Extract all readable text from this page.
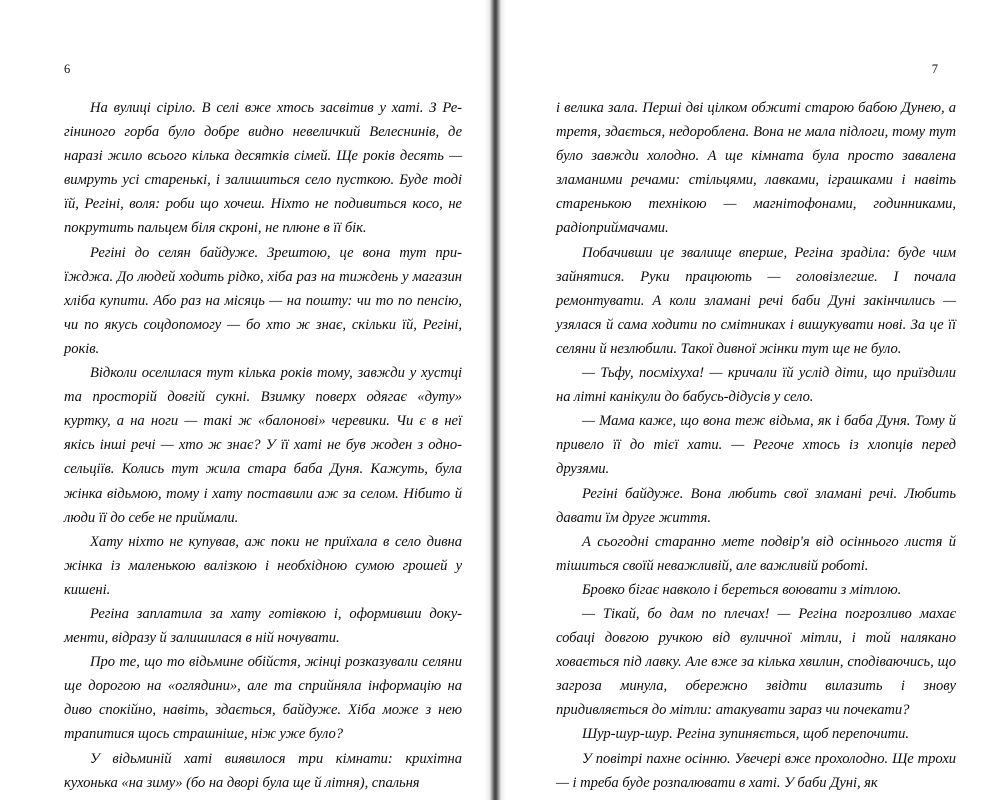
6

На вулиці сіріло. В селі вже хтось засвітив у хаті. З Регіниного горба було добре видно невеличкий Велеснинів, де наразі жило всього кілька десятків сімей. Ще років десять — вимруть усі старенькі, і залишиться село пусткою. Буде тоді їй, Регіні, воля: роби що хочеш. Ніхто не подивиться косо, не покрутить пальцем біля скроні, не плюне в її бік.

Регіні до селян байдуже. Зрештою, це вона тут приїжджа. До людей ходить рідко, хіба раз на тиждень у магазин хліба купити. Або раз на місяць — на пошту: чи то по пенсію, чи по якусь соцдопомогу — бо хто ж знає, скільки їй, Регіні, років.

Відколи оселилася тут кілька років тому, завжди у хустці та просторій довгій сукні. Взимку поверх одягає «дуту» куртку, а на ноги — такі ж «балонові» черевики. Чи є в неї якісь інші речі — хто ж знає? У її хаті не був жоден з односельціїв. Колись тут жила стара баба Дуня. Кажуть, була жінка відьмою, тому і хату поставили аж за селом. Нібито й люди її до себе не приймали.

Хату ніхто не купував, аж поки не приїхала в село дивна жінка із маленькою валізкою і необхідною сумою грошей у кишені.

Регіна заплатила за хату готівкою і, оформивши документи, відразу й залишилася в ній ночувати.

Про те, що то відьмине обійстя, жінці розказували селяни ще дорогою на «оглядини», але та сприйняла інформацію на диво спокійно, навіть, здається, байдуже. Хіба може з нею трапитися щось страшніше, ніж уже було?

У відьминій хаті виявилося три кімнати: крихітна кухонька «на зиму» (бо на дворі була ще й літня), спальня

7

і велика зала. Перші дві цілком обжиті старою бабою Дунею, а третя, здається, недороблена. Вона не мала підлоги, тому тут було завжди холодно. А ще кімната була просто завалена зламаними речами: стільцями, лавками, іграшками і навіть старенькою технікою — магнітофонами, годинниками, радіоприймачами.

Побачивши це звалище вперше, Регіна зраділа: буде чим зайнятися. Руки працюють — головізлегше. І почала ремонтувати. А коли зламані речі баби Дуні закінчились — узялася й сама ходити по смітниках і вишукувати нові. За це її селяни й незлюбили. Такої дивної жінки тут ще не було.

— Тьфу, посміхуха! — кричали їй услід діти, що приїздили на літні канікули до бабусь-дідусів у село.

— Мама каже, що вона теж відьма, як і баба Дуня. Тому й привело її до тієї хати. — Регоче хтось із хлопців перед друзями.

Регіні байдуже. Вона любить свої зламані речі. Любить давати їм друге життя.

А сьогодні старанно мете подвір'я від осіннього листя й тішиться своїй неважливій, але важливій роботі.

Бровко бігає навколо і береться воювати з мітлою.

— Тікай, бо дам по плечах! — Регіна погрозливо махає собаці довгою ручкою від вуличної мітли, і той налякано ховається під лавку. Але вже за кілька хвилин, сподіваючись, що загроза минула, обережно звідти вилазить і знову придивляється до мітли: атакувати зараз чи почекати?

Шур-шур-шур. Регіна зупиняється, щоб перепочити.

У повітрі пахне осінню. Увечері вже прохолодно. Ще трохи — і треба буде розпалювати в хаті. У баби Дуні, як
